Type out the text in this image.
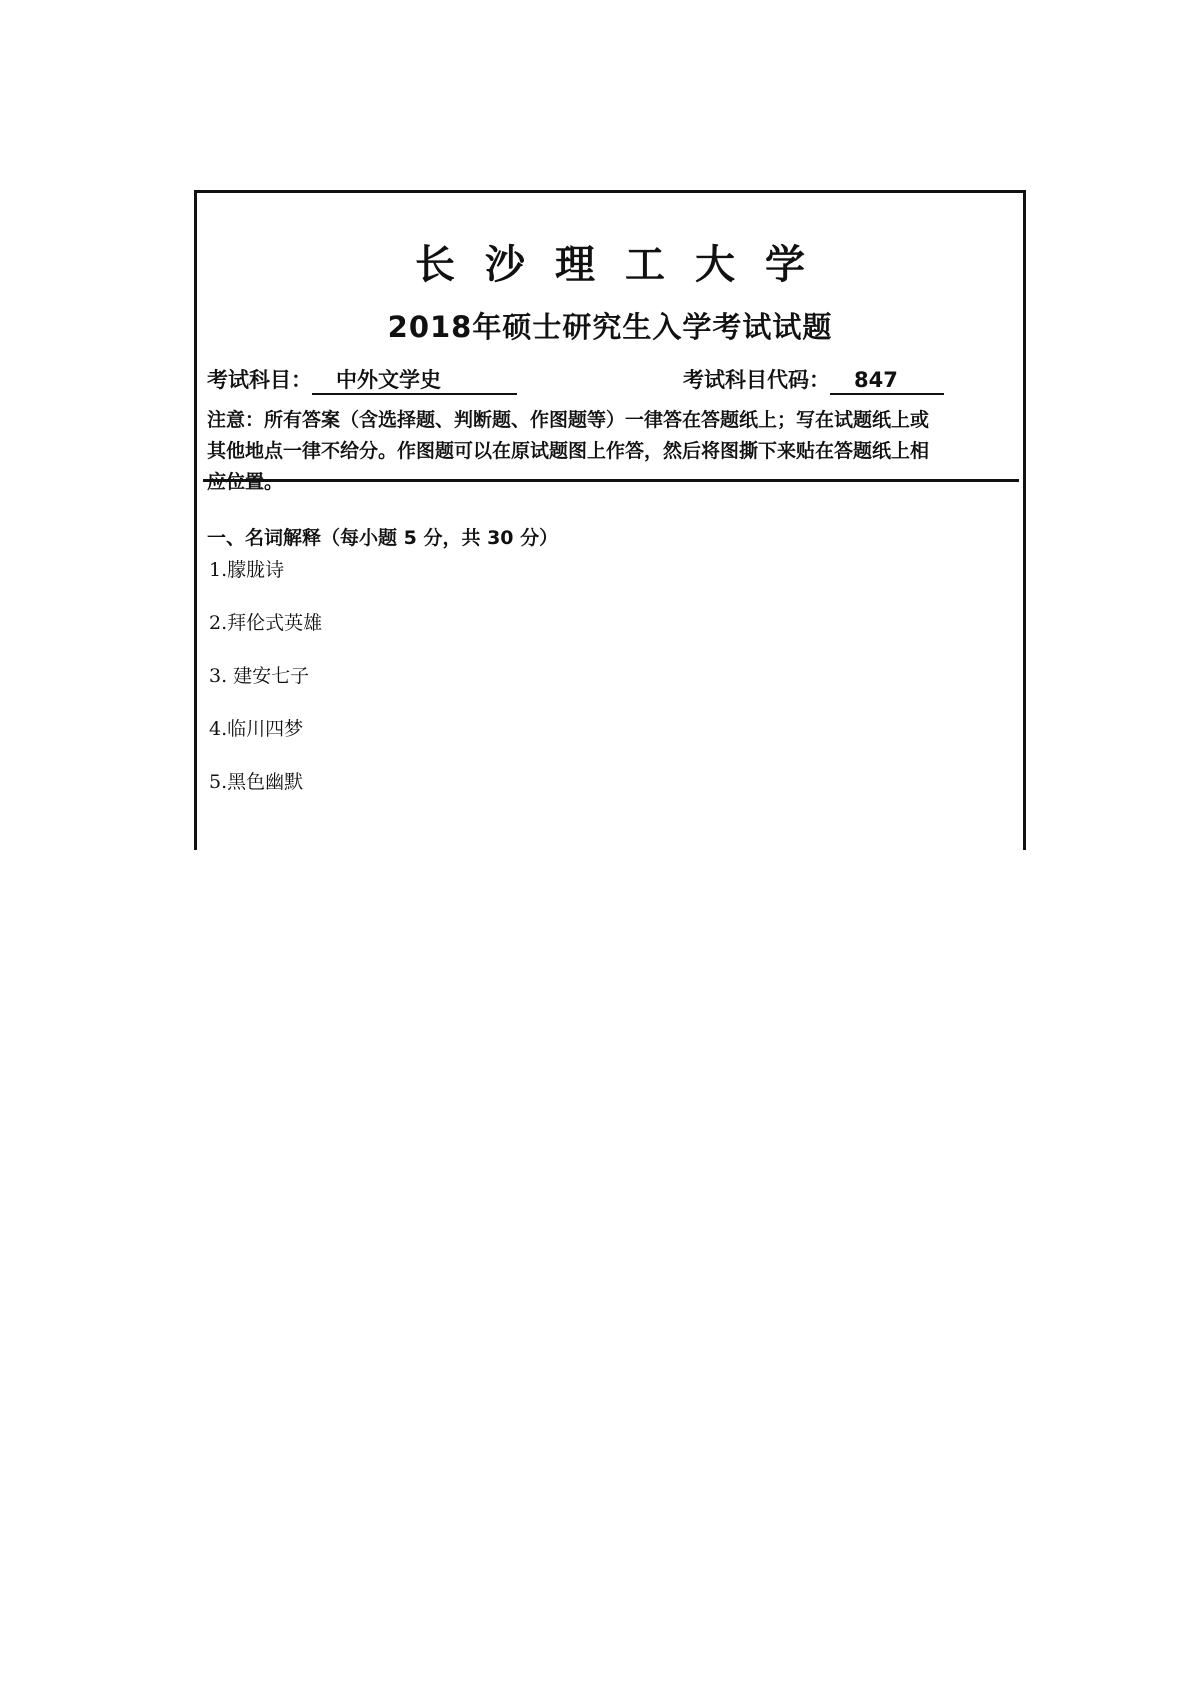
长沙理工大学
2018年硕士研究生入学考试试题
考试科目： 中外文学史	考试科目代码： 847
注意：所有答案（含选择题、判断题、作图题等）一律答在答题纸上；写在试题纸上或
其他地点一律不给分。作图题可以在原试题图上作答，然后将图撕下来贴在答题纸上相
应位置。
一、名词解释（每小题 5 分，共 30 分）
1.朦胧诗
2.拜伦式英雄
3. 建安七子
4.临川四梦
5.黑色幽默
